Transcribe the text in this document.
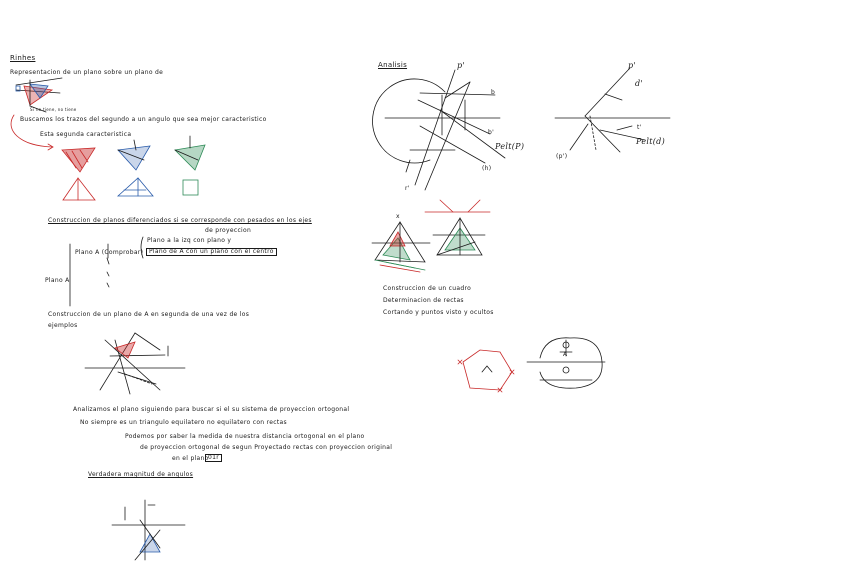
Rinhes
Representacion de un plano sobre un plano de
Si no tiene, no tiene
Buscamos los trazos del segundo a un angulo que sea mejor caracteristico
Esta segunda caracteristica
Construccion de planos diferenciados si se corresponde con pesados en los ejes
de proyeccion
Plano A (Comprobar)
Plano a la izq con plano y
Plano de A con un plano con el centro
Plano A
Construccion de un plano de A en segunda de una vez de los
ejemplos
Analizamos el plano siguiendo para buscar si el su sistema de proyeccion ortogonal
No siempre es un triangulo equilatero no equilatero con rectas
Podemos por saber la medida de nuestra distancia ortogonal en el plano
de proyeccion ortogonal de segun Proyectado rectas con proyeccion original
en el plano 01r
Verdadera magnitud de angulos
Analisis	p'
b
b'
Pelt(P)
(h)
r'
p'
d'
Pelt(d)
(p')
t'
x
Construccion de un cuadro
Determinacion de rectas
Cortando y puntos visto y ocultos
A
